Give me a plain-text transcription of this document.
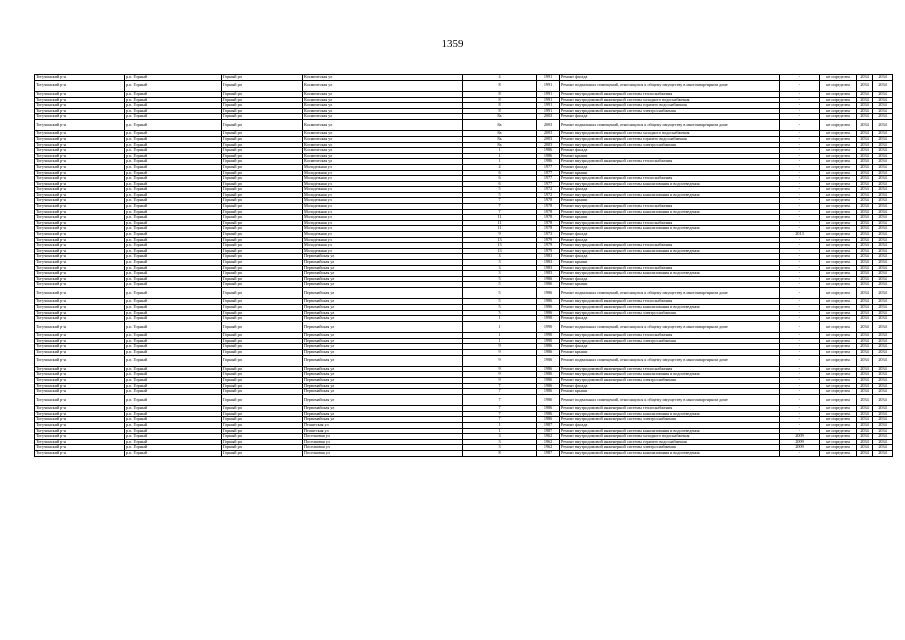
1359
Тогучинский р-н	р.п. Горный	Горный рп	Космическая ул	4	1991	Ремонт фасада	-	не определен	2034	2034
Тогучинский р-н	р.п. Горный	Горный рп	Космическая ул	8	1991	Ремонт подвальных помещений, относящихся к общему имуществу в многоквартирном доме	-	не определен	2034	2034
Тогучинский р-н	р.п. Горный	Горный рп	Космическая ул	8	1991	Ремонт внутридомовой инженерной системы теплоснабжения	-	не определен	2034	2034
Тогучинский р-н	р.п. Горный	Горный рп	Космическая ул	8	1991	Ремонт внутридомовой инженерной системы холодного водоснабжения	-	не определен	2034	2034
Тогучинский р-н	р.п. Горный	Горный рп	Космическая ул	8	1991	Ремонт внутридомовой инженерной системы горячего водоснабжения	-	не определен	2034	2034
Тогучинский р-н	р.п. Горный	Горный рп	Космическая ул	8	1991	Ремонт внутридомовой инженерной системы электроснабжения	-	не определен	2034	2034
Тогучинский р-н	р.п. Горный	Горный рп	Космическая ул	8а	2003	Ремонт фасада	-	не определен	2034	2034
Тогучинский р-н	р.п. Горный	Горный рп	Космическая ул	8а	2003	Ремонт подвальных помещений, относящихся к общему имуществу в многоквартирном доме	-	не определен	2034	2034
Тогучинский р-н	р.п. Горный	Горный рп	Космическая ул	8а	2003	Ремонт внутридомовой инженерной системы холодного водоснабжения	-	не определен	2034	2034
Тогучинский р-н	р.п. Горный	Горный рп	Космическая ул	8а	2003	Ремонт внутридомовой инженерной системы горячего водоснабжения	-	не определен	2034	2034
Тогучинский р-н	р.п. Горный	Горный рп	Космическая ул	8а	2003	Ремонт внутридомовой инженерной системы электроснабжения	-	не определен	2034	2034
Тогучинский р-н	р.п. Горный	Горный рп	Космическая ул	1	1986	Ремонт фасада	-	не определен	2034	2034
Тогучинский р-н	р.п. Горный	Горный рп	Космическая ул	1	1986	Ремонт крыши	-	не определен	2034	2034
Тогучинский р-н	р.п. Горный	Горный рп	Космическая ул	1	1986	Ремонт внутридомовой инженерной системы теплоснабжения	-	не определен	2034	2034
Тогучинский р-н	р.п. Горный	Горный рп	Молодежная ул	4	1977	Ремонт фасада	-	не определен	2034	2034
Тогучинский р-н	р.п. Горный	Горный рп	Молодежная ул	6	1977	Ремонт крыши	-	не определен	2034	2034
Тогучинский р-н	р.п. Горный	Горный рп	Молодежная ул	6	1977	Ремонт внутридомовой инженерной системы теплоснабжения	-	не определен	2034	2034
Тогучинский р-н	р.п. Горный	Горный рп	Молодежная ул	6	1977	Ремонт внутридомовой инженерной системы канализования и водоотведения	-	не определен	2034	2034
Тогучинский р-н	р.п. Горный	Горный рп	Молодежная ул	5	1972	Ремонт фасада	-	не определен	2034	2034
Тогучинский р-н	р.п. Горный	Горный рп	Молодежная ул	5	1972	Ремонт внутридомовой инженерной системы канализования и водоотведения	-	не определен	2034	2034
Тогучинский р-н	р.п. Горный	Горный рп	Молодежная ул	7	1978	Ремонт крыши	-	не определен	2034	2034
Тогучинский р-н	р.п. Горный	Горный рп	Молодежная ул	7	1978	Ремонт внутридомовой инженерной системы теплоснабжения	-	не определен	2034	2034
Тогучинский р-н	р.п. Горный	Горный рп	Молодежная ул	7	1978	Ремонт внутридомовой инженерной системы канализования и водоотведения	-	не определен	2034	2034
Тогучинский р-н	р.п. Горный	Горный рп	Молодежная ул	11	1978	Ремонт крыши	-	не определен	2034	2034
Тогучинский р-н	р.п. Горный	Горный рп	Молодежная ул	11	1978	Ремонт внутридомовой инженерной системы теплоснабжения	-	не определен	2034	2034
Тогучинский р-н	р.п. Горный	Горный рп	Молодежная ул	11	1978	Ремонт внутридомовой инженерной системы канализования и водоотведения	-	не определен	2034	2034
Тогучинский р-н	р.п. Горный	Горный рп	Молодежная ул	9	1973	Ремонт фасада	2013	не определен	2034	2034
Тогучинский р-н	р.п. Горный	Горный рп	Молодежная ул	13	1979	Ремонт фасада	-	не определен	2034	2034
Тогучинский р-н	р.п. Горный	Горный рп	Молодежная ул	13	1979	Ремонт внутридомовой инженерной системы теплоснабжения	-	не определен	2034	2034
Тогучинский р-н	р.п. Горный	Горный рп	Молодежная ул	13	1979	Ремонт внутридомовой инженерной системы канализования и водоотведения	-	не определен	2034	2034
Тогучинский р-н	р.п. Горный	Горный рп	Первомайская ул	3	1983	Ремонт фасада	-	не определен	2034	2034
Тогучинский р-н	р.п. Горный	Горный рп	Первомайская ул	3	1983	Ремонт крыши	-	не определен	2034	2034
Тогучинский р-н	р.п. Горный	Горный рп	Первомайская ул	3	1983	Ремонт внутридомовой инженерной системы теплоснабжения	-	не определен	2034	2034
Тогучинский р-н	р.п. Горный	Горный рп	Первомайская ул	3	1983	Ремонт внутридомовой инженерной системы канализования и водоотведения	-	не определен	2034	2034
Тогучинский р-н	р.п. Горный	Горный рп	Первомайская ул	5	1986	Ремонт фасада	-	не определен	2034	2034
Тогучинский р-н	р.п. Горный	Горный рп	Первомайская ул	5	1986	Ремонт крыши	-	не определен	2034	2034
Тогучинский р-н	р.п. Горный	Горный рп	Первомайская ул	5	1986	Ремонт подвальных помещений, относящихся к общему имуществу в многоквартирном доме	-	не определен	2034	2034
Тогучинский р-н	р.п. Горный	Горный рп	Первомайская ул	5	1986	Ремонт внутридомовой инженерной системы теплоснабжения	-	не определен	2034	2034
Тогучинский р-н	р.п. Горный	Горный рп	Первомайская ул	5	1986	Ремонт внутридомовой инженерной системы канализования и водоотведения	-	не определен	2034	2034
Тогучинский р-н	р.п. Горный	Горный рп	Первомайская ул	5	1986	Ремонт внутридомовой инженерной системы электроснабжения	-	не определен	2034	2034
Тогучинский р-н	р.п. Горный	Горный рп	Первомайская ул	1	1990	Ремонт фасада	-	не определен	2034	2034
Тогучинский р-н	р.п. Горный	Горный рп	Первомайская ул	1	1990	Ремонт подвальных помещений, относящихся к общему имуществу в многоквартирном доме	-	не определен	2034	2034
Тогучинский р-н	р.п. Горный	Горный рп	Первомайская ул	1	1990	Ремонт внутридомовой инженерной системы теплоснабжения	-	не определен	2034	2034
Тогучинский р-н	р.п. Горный	Горный рп	Первомайская ул	1	1990	Ремонт внутридомовой инженерной системы электроснабжения	-	не определен	2034	2034
Тогучинский р-н	р.п. Горный	Горный рп	Первомайская ул	9	1986	Ремонт фасада	-	не определен	2034	2034
Тогучинский р-н	р.п. Горный	Горный рп	Первомайская ул	9	1986	Ремонт крыши	-	не определен	2034	2034
Тогучинский р-н	р.п. Горный	Горный рп	Первомайская ул	9	1986	Ремонт подвальных помещений, относящихся к общему имуществу в многоквартирном доме	-	не определен	2034	2034
Тогучинский р-н	р.п. Горный	Горный рп	Первомайская ул	9	1986	Ремонт внутридомовой инженерной системы теплоснабжения	-	не определен	2034	2034
Тогучинский р-н	р.п. Горный	Горный рп	Первомайская ул	9	1986	Ремонт внутридомовой инженерной системы канализования и водоотведения	-	не определен	2034	2034
Тогучинский р-н	р.п. Горный	Горный рп	Первомайская ул	9	1986	Ремонт внутридомовой инженерной системы электроснабжения	-	не определен	2034	2034
Тогучинский р-н	р.п. Горный	Горный рп	Первомайская ул	7	1986	Ремонт фасада	-	не определен	2034	2034
Тогучинский р-н	р.п. Горный	Горный рп	Первомайская ул	7	1986	Ремонт крыши	-	не определен	2034	2034
Тогучинский р-н	р.п. Горный	Горный рп	Первомайская ул	7	1986	Ремонт подвальных помещений, относящихся к общему имуществу в многоквартирном доме	-	не определен	2034	2034
Тогучинский р-н	р.п. Горный	Горный рп	Первомайская ул	7	1986	Ремонт внутридомовой инженерной системы теплоснабжения	-	не определен	2034	2034
Тогучинский р-н	р.п. Горный	Горный рп	Первомайская ул	7	1986	Ремонт внутридомовой инженерной системы канализования и водоотведения	-	не определен	2034	2034
Тогучинский р-н	р.п. Горный	Горный рп	Первомайская ул	7	1986	Ремонт внутридомовой инженерной системы электроснабжения	-	не определен	2034	2034
Тогучинский р-н	р.п. Горный	Горный рп	Пташтская ул	1	1987	Ремонт фасада	-	не определен	2034	2034
Тогучинский р-н	р.п. Горный	Горный рп	Пташтская ул	1	1987	Ремонт внутридомовой инженерной системы канализования и водоотведения	-	не определен	2034	2034
Тогучинский р-н	р.п. Горный	Горный рп	Поселковая ул	3	1962	Ремонт внутридомовой инженерной системы холодного водоснабжения	2009	не определен	2034	2034
Тогучинский р-н	р.п. Горный	Горный рп	Поселковая ул	3	1962	Ремонт внутридомовой инженерной системы горячего водоснабжения	2009	не определен	2034	2034
Тогучинский р-н	р.п. Горный	Горный рп	Поселковая ул	3	1962	Ремонт внутридомовой инженерной системы электроснабжения	2009	не определен	2034	2034
Тогучинский р-н	р.п. Горный	Горный рп	Поселковая ул	8	1987	Ремонт внутридомовой инженерной системы канализования и водоотведения	-	не определен	2034	2034
